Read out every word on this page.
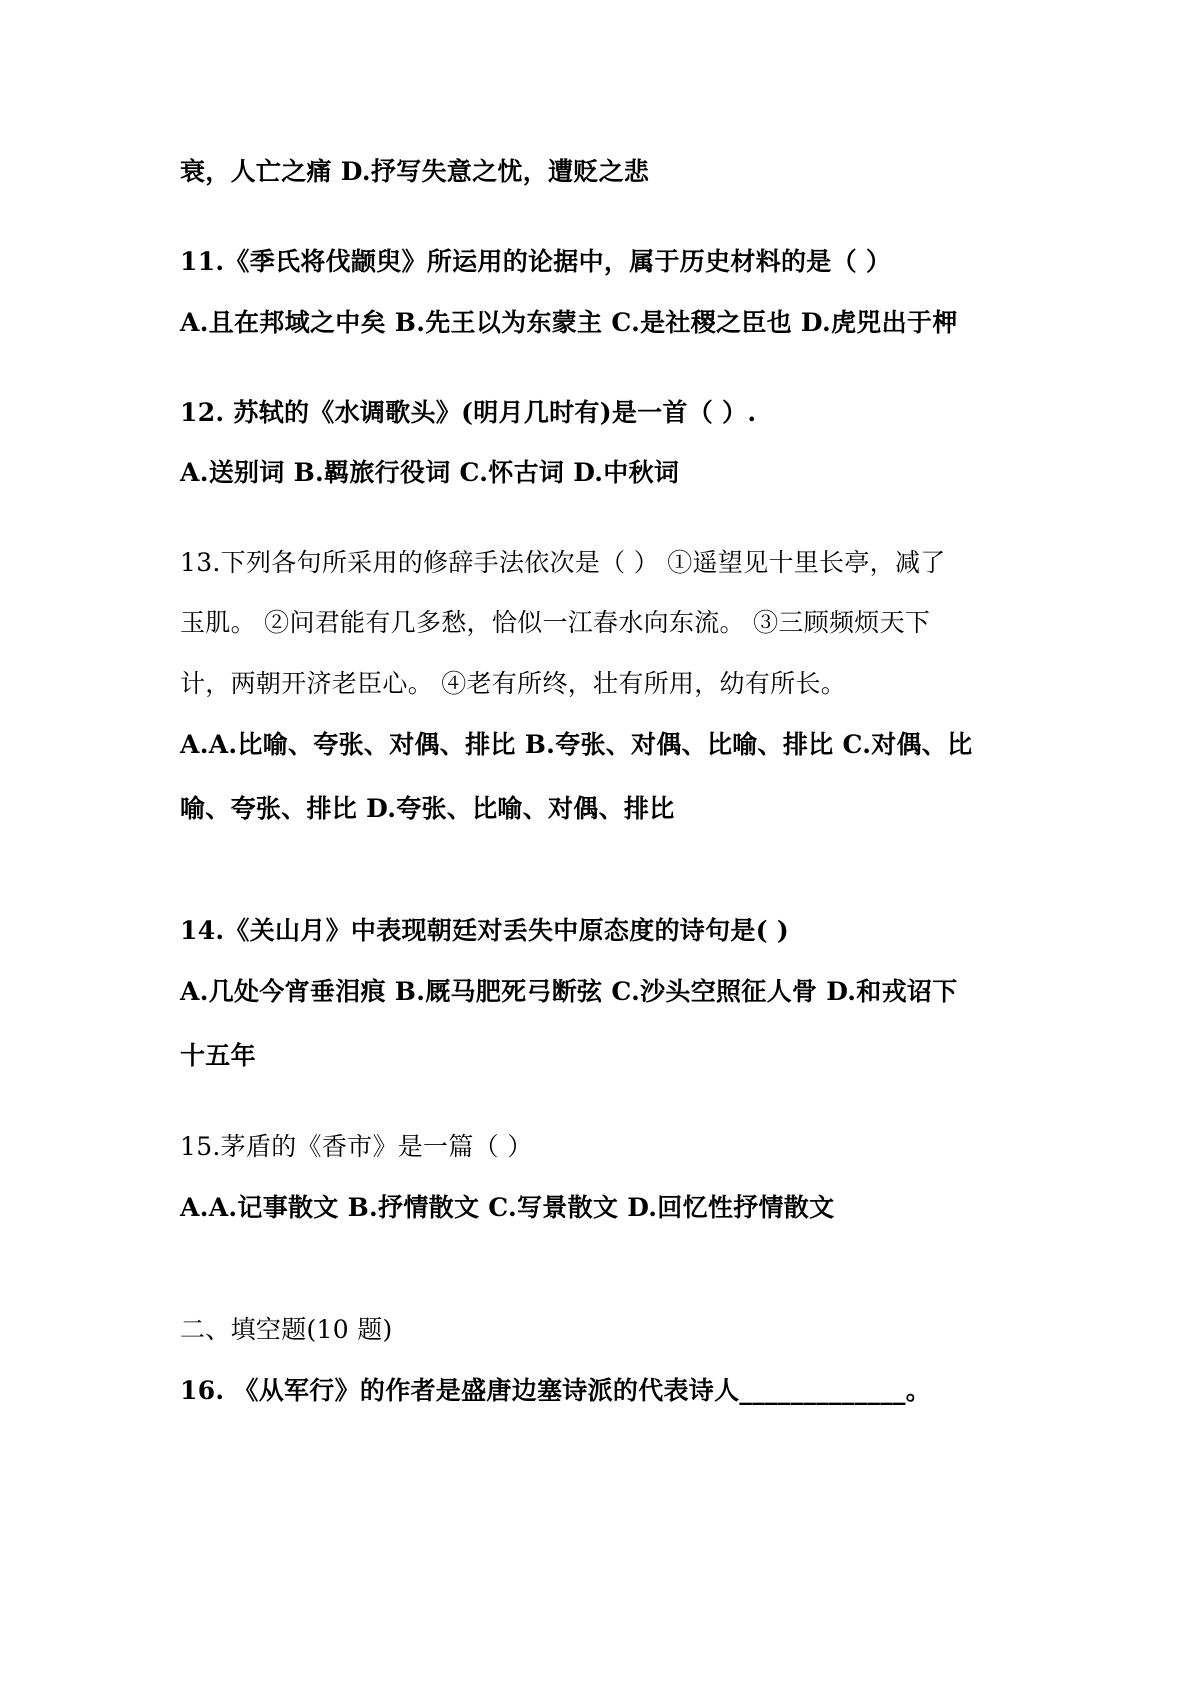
衰，人亡之痛 D.抒写失意之忧，遭贬之悲
11.《季氏将伐颛臾》所运用的论据中，属于历史材料的是（ ）
A.且在邦域之中矣 B.先王以为东蒙主 C.是社稷之臣也 D.虎兕出于柙
12. 苏轼的《水调歌头》(明月几时有)是一首（ ）.
A.送别词 B.羁旅行役词 C.怀古词 D.中秋词
13.下列各句所采用的修辞手法依次是（ ） ①遥望见十里长亭，减了
玉肌。 ②问君能有几多愁，恰似一江春水向东流。 ③三顾频烦天下
计，两朝开济老臣心。 ④老有所终，壮有所用，幼有所长。
A.A.比喻、夸张、对偶、排比 B.夸张、对偶、比喻、排比 C.对偶、比
喻、夸张、排比 D.夸张、比喻、对偶、排比
14.《关山月》中表现朝廷对丢失中原态度的诗句是( )
A.几处今宵垂泪痕 B.厩马肥死弓断弦 C.沙头空照征人骨 D.和戎诏下
十五年
15.茅盾的《香市》是一篇（ ）
A.A.记事散文 B.抒情散文 C.写景散文 D.回忆性抒情散文
二、填空题(10 题)
16. 《从军行》的作者是盛唐边塞诗派的代表诗人_____________。
